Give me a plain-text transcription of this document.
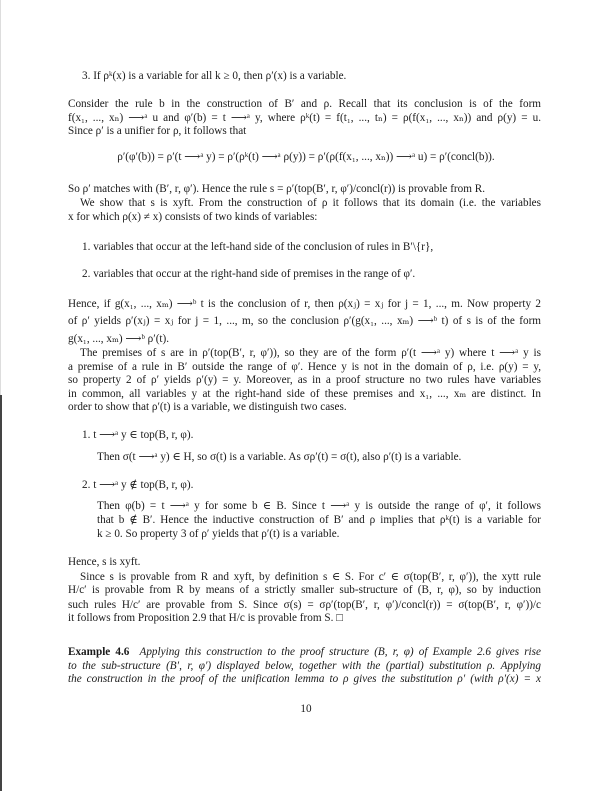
3. If ρᵏ(x) is a variable for all k ≥ 0, then ρ′(x) is a variable.
Consider the rule b in the construction of B′ and ρ. Recall that its conclusion is of the form
f(x₁, ..., xₙ) ⟶ᵃ u and φ′(b) = t ⟶ᵃ y, where ρᵏ(t) = f(t₁, ..., tₙ) = ρ(f(x₁, ..., xₙ)) and ρ(y) = u.
Since ρ′ is a unifier for ρ, it follows that
ρ′(φ′(b)) = ρ′(t ⟶ᵃ y) = ρ′(ρᵏ(t) ⟶ᵃ ρ(y)) = ρ′(ρ(f(x₁, ..., xₙ)) ⟶ᵃ u) = ρ′(concl(b)).
So ρ′ matches with (B′, r, φ′). Hence the rule s = ρ′(top(B′, r, φ′)/concl(r)) is provable from R.
We show that s is xyft. From the construction of ρ it follows that its domain (i.e. the variables
x for which ρ(x) ≠ x) consists of two kinds of variables:
1. variables that occur at the left-hand side of the conclusion of rules in B′\{r},
2. variables that occur at the right-hand side of premises in the range of φ′.
Hence, if g(x₁, ..., xₘ) ⟶ᵇ t is the conclusion of r, then ρ(xⱼ) = xⱼ for j = 1, ..., m. Now property 2
of ρ′ yields ρ′(xⱼ) = xⱼ for j = 1, ..., m, so the conclusion ρ′(g(x₁, ..., xₘ) ⟶ᵇ t) of s is of the form
g(x₁, ..., xₘ) ⟶ᵇ ρ′(t).
The premises of s are in ρ′(top(B′, r, φ′)), so they are of the form ρ′(t ⟶ᵃ y) where t ⟶ᵃ y is
a premise of a rule in B′ outside the range of φ′. Hence y is not in the domain of ρ, i.e. ρ(y) = y,
so property 2 of ρ′ yields ρ′(y) = y. Moreover, as in a proof structure no two rules have variables
in common, all variables y at the right-hand side of these premises and x₁, ..., xₘ are distinct. In
order to show that ρ′(t) is a variable, we distinguish two cases.
1. t ⟶ᵃ y ∈ top(B, r, φ).
Then σ(t ⟶ᵃ y) ∈ H, so σ(t) is a variable. As σρ′(t) = σ(t), also ρ′(t) is a variable.
2. t ⟶ᵃ y ∉ top(B, r, φ).
Then φ(b) = t ⟶ᵃ y for some b ∈ B. Since t ⟶ᵃ y is outside the range of φ′, it follows
that b ∉ B′. Hence the inductive construction of B′ and ρ implies that ρᵏ(t) is a variable for
k ≥ 0. So property 3 of ρ′ yields that ρ′(t) is a variable.
Hence, s is xyft.
Since s is provable from R and xyft, by definition s ∈ S. For c′ ∈ σ(top(B′, r, φ′)), the xytt rule
H/c′ is provable from R by means of a strictly smaller sub-structure of (B, r, φ), so by induction
such rules H/c′ are provable from S. Since σ(s) = σρ′(top(B′, r, φ′)/concl(r)) = σ(top(B′, r, φ′))/c
it follows from Proposition 2.9 that H/c is provable from S. □
Example 4.6 Applying this construction to the proof structure (B, r, φ) of Example 2.6 gives rise
to the sub-structure (B′, r, φ′) displayed below, together with the (partial) substitution ρ. Applying
the construction in the proof of the unification lemma to ρ gives the substitution ρ′ (with ρ′(x) = x
10
